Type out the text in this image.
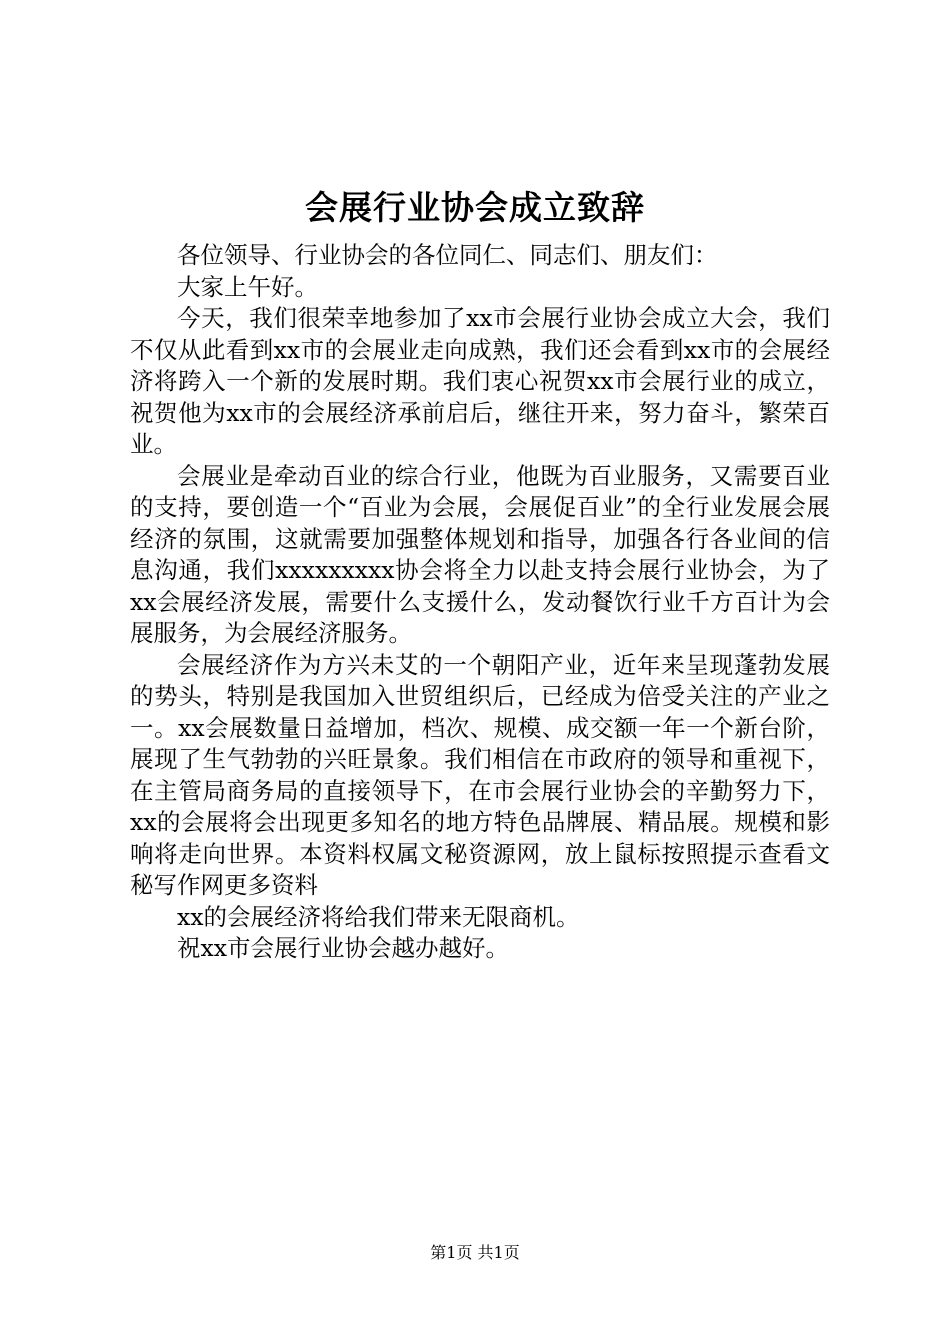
会展行业协会成立致辞

各位领导、行业协会的各位同仁、同志们、朋友们：

大家上午好。

今天，我们很荣幸地参加了xx市会展行业协会成立大会，我们不仅从此看到xx市的会展业走向成熟，我们还会看到xx市的会展经济将跨入一个新的发展时期。我们衷心祝贺xx市会展行业的成立，祝贺他为xx市的会展经济承前启后，继往开来，努力奋斗，繁荣百业。

会展业是牵动百业的综合行业，他既为百业服务，又需要百业的支持，要创造一个“百业为会展，会展促百业”的全行业发展会展经济的氛围，这就需要加强整体规划和指导，加强各行各业间的信息沟通，我们xxxxxxxxx协会将全力以赴支持会展行业协会，为了xx会展经济发展，需要什么支援什么，发动餐饮行业千方百计为会展服务，为会展经济服务。

会展经济作为方兴未艾的一个朝阳产业，近年来呈现蓬勃发展的势头，特别是我国加入世贸组织后，已经成为倍受关注的产业之一。xx会展数量日益增加，档次、规模、成交额一年一个新台阶，展现了生气勃勃的兴旺景象。我们相信在市政府的领导和重视下，在主管局商务局的直接领导下，在市会展行业协会的辛勤努力下，xx的会展将会出现更多知名的地方特色品牌展、精品展。规模和影响将走向世界。本资料权属文秘资源网，放上鼠标按照提示查看文秘写作网更多资料

xx的会展经济将给我们带来无限商机。

祝xx市会展行业协会越办越好。

第1页 共1页
